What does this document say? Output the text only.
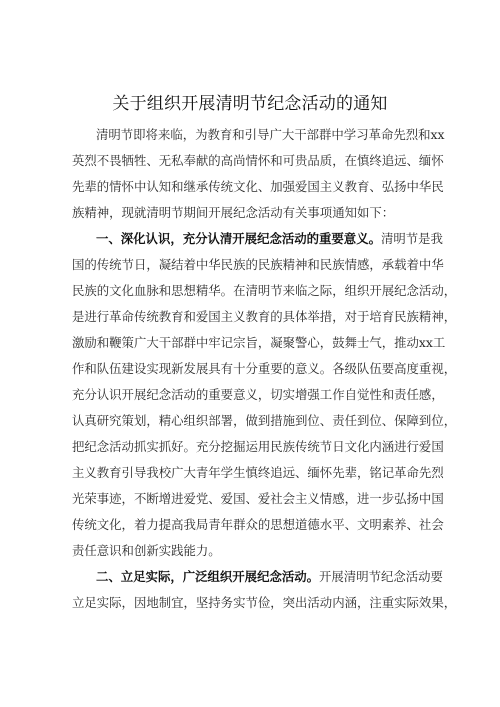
关于组织开展清明节纪念活动的通知
清明节即将来临，为教育和引导广大干部群中学习革命先烈和xx
英烈不畏牺牲、无私奉献的高尚情怀和可贵品质，在慎终追远、缅怀
先辈的情怀中认知和继承传统文化、加强爱国主义教育、弘扬中华民
族精神，现就清明节期间开展纪念活动有关事项通知如下：
一、深化认识，充分认清开展纪念活动的重要意义。清明节是我
国的传统节日，凝结着中华民族的民族精神和民族情感，承载着中华
民族的文化血脉和思想精华。在清明节来临之际，组织开展纪念活动，
是进行革命传统教育和爱国主义教育的具体举措，对于培育民族精神，
激励和鞭策广大干部群中牢记宗旨，凝聚警心，鼓舞士气，推动xx工
作和队伍建设实现新发展具有十分重要的意义。各级队伍要高度重视，
充分认识开展纪念活动的重要意义，切实增强工作自觉性和责任感，
认真研究策划，精心组织部署，做到措施到位、责任到位、保障到位，
把纪念活动抓实抓好。充分挖掘运用民族传统节日文化内涵进行爱国
主义教育引导我校广大青年学生慎终追远、缅怀先辈，铭记革命先烈
光荣事迹，不断增进爱党、爱国、爱社会主义情感，进一步弘扬中国
传统文化，着力提高我局青年群众的思想道德水平、文明素养、社会
责任意识和创新实践能力。
二、立足实际，广泛组织开展纪念活动。开展清明节纪念活动要
立足实际，因地制宜，坚持务实节俭，突出活动内涵，注重实际效果，
